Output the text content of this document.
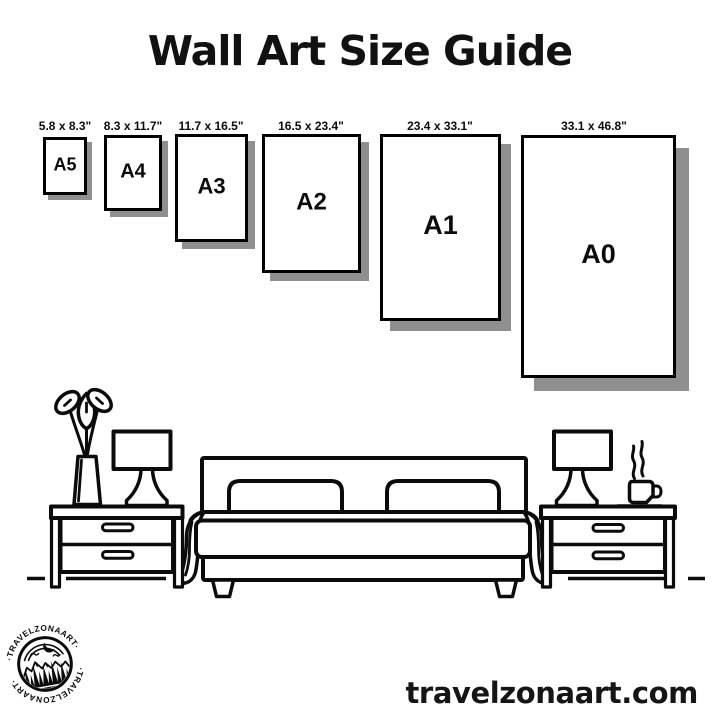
Wall Art Size Guide
5.8 x 8.3" 8.3 x 11.7" 11.7 x 16.5"	16.5 x 23.4"	23.4 x 33.1"	33.1 x 46.8"
A5 A4
A3
A2
A1
A0
·TRAVELZONAART·
·TRAVELZONAART·	travelzonaart.com
